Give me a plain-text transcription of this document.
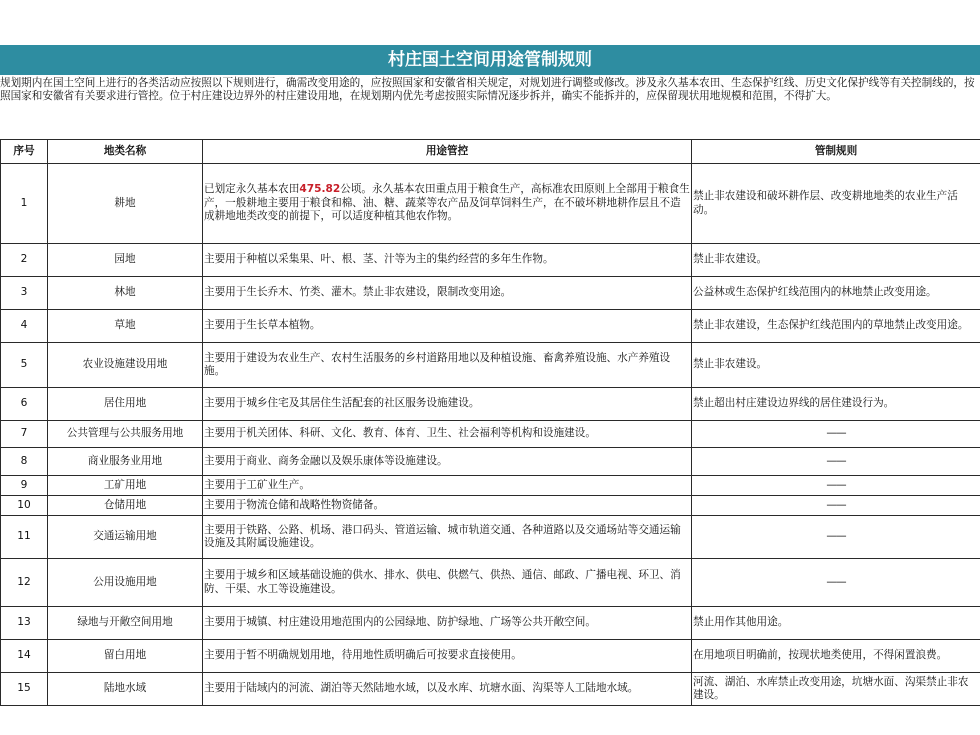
村庄国土空间用途管制规则
规划期内在国土空间上进行的各类活动应按照以下规则进行，确需改变用途的，应按照国家和安徽省相关规定，对规划进行调整或修改。涉及永久基本农田、生态保护红线、历史文化保护线等有关控制线的，按照国家和安徽省有关要求进行管控。位于村庄建设边界外的村庄建设用地，在规划期内优先考虑按照实际情况逐步拆并，确实不能拆并的，应保留现状用地规模和范围，不得扩大。
序号	地类名称	用途管控	管制规则
1	耕地	已划定永久基本农田475.82公顷。永久基本农田重点用于粮食生产，高标准农田原则上全部用于粮食生产，一般耕地主要用于粮食和棉、油、糖、蔬菜等农产品及饲草饲料生产，在不破坏耕地耕作层且不造成耕地地类改变的前提下，可以适度种植其他农作物。	禁止非农建设和破坏耕作层、改变耕地地类的农业生产活动。
2	园地	主要用于种植以采集果、叶、根、茎、汁等为主的集约经营的多年生作物。	禁止非农建设。
3	林地	主要用于生长乔木、竹类、灌木。禁止非农建设，限制改变用途。	公益林或生态保护红线范围内的林地禁止改变用途。
4	草地	主要用于生长草本植物。	禁止非农建设，生态保护红线范围内的草地禁止改变用途。
5	农业设施建设用地	主要用于建设为农业生产、农村生活服务的乡村道路用地以及种植设施、畜禽养殖设施、水产养殖设施。	禁止非农建设。
6	居住用地	主要用于城乡住宅及其居住生活配套的社区服务设施建设。	禁止超出村庄建设边界线的居住建设行为。
7	公共管理与公共服务用地	主要用于机关团体、科研、文化、教育、体育、卫生、社会福利等机构和设施建设。	——
8	商业服务业用地	主要用于商业、商务金融以及娱乐康体等设施建设。	——
9	工矿用地	主要用于工矿业生产。	——
10	仓储用地	主要用于物流仓储和战略性物资储备。	——
11	交通运输用地	主要用于铁路、公路、机场、港口码头、管道运输、城市轨道交通、各种道路以及交通场站等交通运输设施及其附属设施建设。	——
12	公用设施用地	主要用于城乡和区域基础设施的供水、排水、供电、供燃气、供热、通信、邮政、广播电视、环卫、消防、干渠、水工等设施建设。	——
13	绿地与开敞空间用地	主要用于城镇、村庄建设用地范围内的公园绿地、防护绿地、广场等公共开敞空间。	禁止用作其他用途。
14	留白用地	主要用于暂不明确规划用地，待用地性质明确后可按要求直接使用。	在用地项目明确前，按现状地类使用，不得闲置浪费。
15	陆地水域	主要用于陆域内的河流、湖泊等天然陆地水域，以及水库、坑塘水面、沟渠等人工陆地水域。	河流、湖泊、水库禁止改变用途，坑塘水面、沟渠禁止非农建设。
